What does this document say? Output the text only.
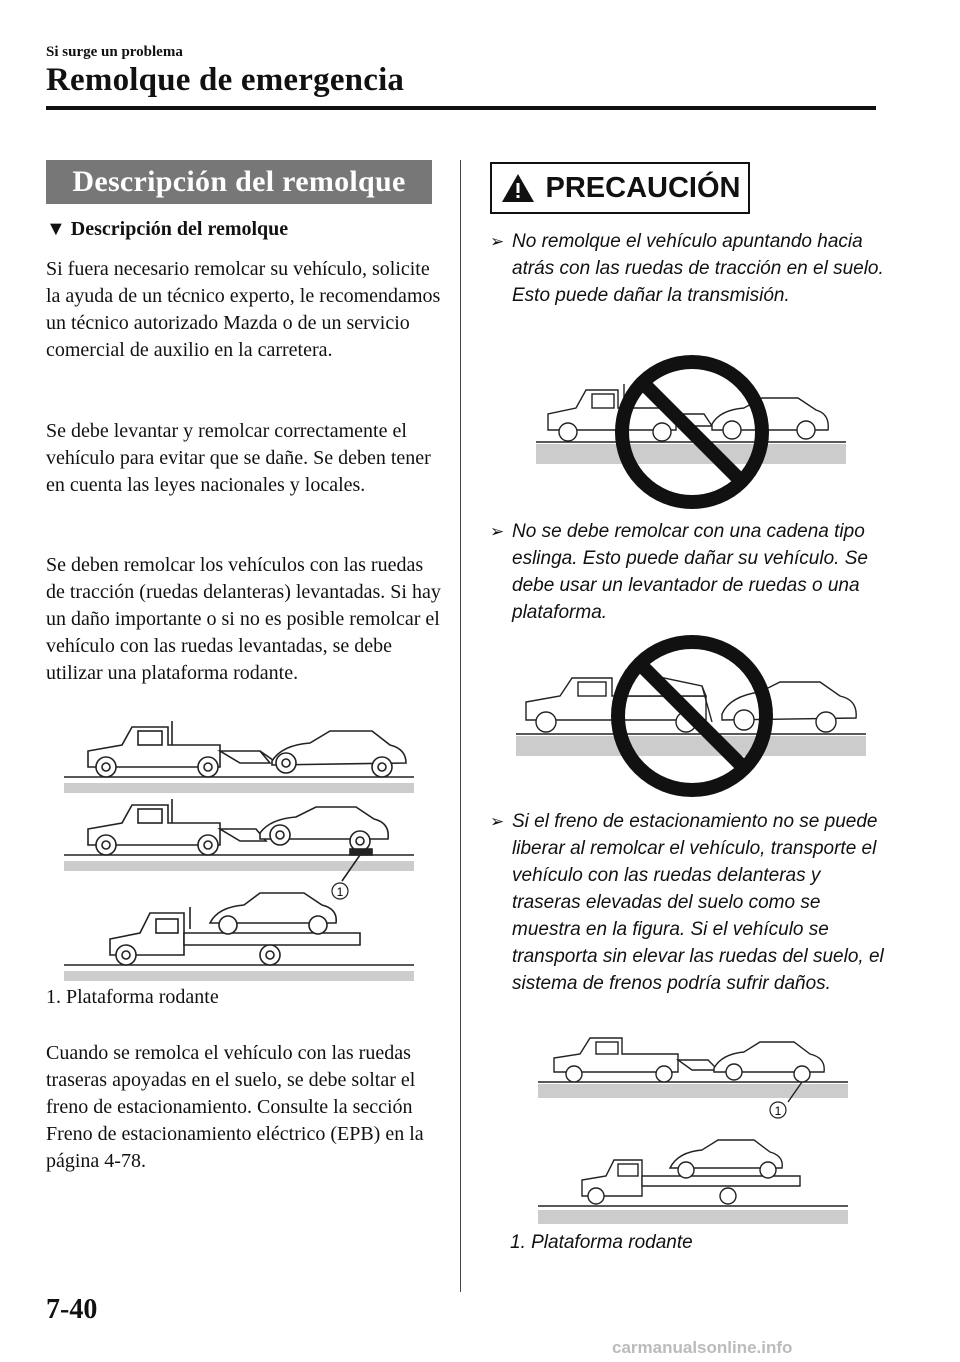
Si surge un problema
Remolque de emergencia
Descripción del remolque
▼ Descripción del remolque

Si fuera necesario remolcar su vehículo, solicite la ayuda de un técnico experto, le recomendamos un técnico autorizado Mazda o de un servicio comercial de auxilio en la carretera.

Se debe levantar y remolcar correctamente el vehículo para evitar que se dañe. Se deben tener en cuenta las leyes nacionales y locales.

Se deben remolcar los vehículos con las ruedas de tracción (ruedas delanteras) levantadas. Si hay un daño importante o si no es posible remolcar el vehículo con las ruedas levantadas, se debe utilizar una plataforma rodante.

1
1. Plataforma rodante

Cuando se remolca el vehículo con las ruedas traseras apoyadas en el suelo, se debe soltar el freno de estacionamiento. Consulte la sección Freno de estacionamiento eléctrico (EPB) en la página 4-78.

PRECAUCIÓN
➢ No remolque el vehículo apuntando hacia atrás con las ruedas de tracción en el suelo. Esto puede dañar la transmisión.
➢ No se debe remolcar con una cadena tipo eslinga. Esto puede dañar su vehículo. Se debe usar un levantador de ruedas o una plataforma.
➢ Si el freno de estacionamiento no se puede liberar al remolcar el vehículo, transporte el vehículo con las ruedas delanteras y traseras elevadas del suelo como se muestra en la figura. Si el vehículo se transporta sin elevar las ruedas del suelo, el sistema de frenos podría sufrir daños.
1
1. Plataforma rodante
7-40
carmanualsonline.info
